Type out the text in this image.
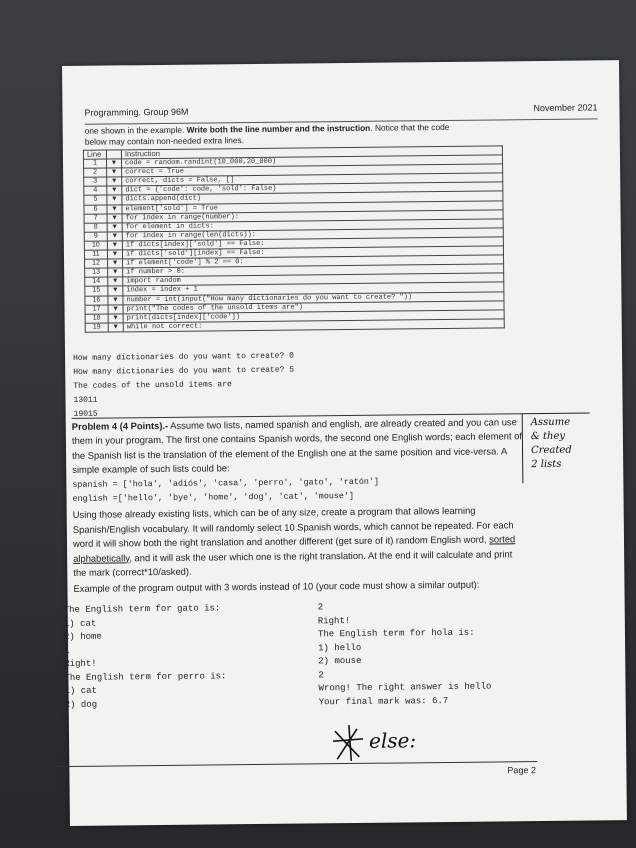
Programming. Group 96M	November 2021
one shown in the example. Write both the line number and the instruction. Notice that the code
below may contain non-needed extra lines.
Line		Instruction
1	▼	code = random.randint(10_000,20_000)
2	▼	correct = True
3	▼	correct, dicts = False, []
4	▼	dict = {'code': code, 'sold': False}
5	▼	dicts.append(dict)
6	▼	element['sold'] = True
7	▼	for index in range(number):
8	▼	for element in dicts:
9	▼	for index in range(len(dicts)):
10	▼	if dicts[index]['sold'] == False:
11	▼	if dicts['sold'][index] == False:
12	▼	if element['code'] % 2 == 0:
13	▼	if number > 0:
14	▼	import random
15	▼	index = index + 1
16	▼	number = int(input("How many dictionaries do you want to create? "))
17	▼	print("The codes of the unsold items are")
18	▼	print(dicts[index]['code'])
19	▼	while not correct:
How many dictionaries do you want to create? 0
How many dictionaries do you want to create? 5
The codes of the unsold items are
13011
19015
Problem 4 (4 Points).- Assume two lists, named spanish and english, are already created and you can use them in your program. The first one contains Spanish words, the second one English words; each element of the Spanish list is the translation of the element of the English one at the same position and vice-versa. A simple example of such lists could be:
spanish = ['hola', 'adiós', 'casa', 'perro', 'gato', 'ratón']
english =['hello', 'bye', 'home', 'dog', 'cat', 'mouse']
Using those already existing lists, which can be of any size, create a program that allows learning Spanish/English vocabulary. It will randomly select 10 Spanish words, which cannot be repeated. For each word it will show both the right translation and another different (get sure of it) random English word, sorted alphabetically, and it will ask the user which one is the right translation. At the end it will calculate and print the mark (correct*10/asked).
Example of the program output with 3 words instead of 10 (your code must show a similar output):
The English term for gato is:
1) cat
2) home
1
Right!
The English term for perro is:
1) cat
2) dog
2
Right!
The English term for hola is:
1) hello
2) mouse
2
Wrong! The right answer is hello
Your final mark was: 6.7
Assume
& they
Created
2 lists
else:
Page 2
